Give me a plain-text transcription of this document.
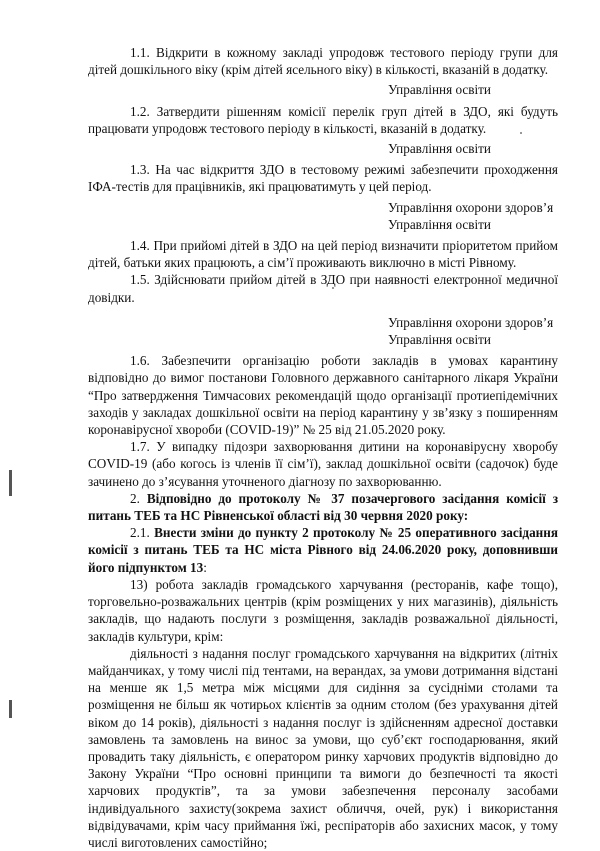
1.1. Відкрити в кожному закладі упродовж тестового періоду групи для дітей дошкільного віку (крім дітей ясельного віку) в кількості, вказаній в додатку.

Управління освіти

1.2. Затвердити рішенням комісії перелік груп дітей в ЗДО, які будуть працювати упродовж тестового періоду в кількості, вказаній в додатку.

Управління освіти

1.3. На час відкриття ЗДО в тестовому режимі забезпечити проходження ІФА-тестів для працівників, які працюватимуть у цей період.

Управління охорони здоров’я
Управління освіти

1.4. При прийомі дітей в ЗДО на цей період визначити пріоритетом прийом дітей, батьки яких працюють, а сім’ї проживають виключно в місті Рівному.

1.5. Здійснювати прийом дітей в ЗДО при наявності електронної медичної довідки.

Управління охорони здоров’я
Управління освіти

1.6. Забезпечити організацію роботи закладів в умовах карантину відповідно до вимог постанови Головного державного санітарного лікаря України “Про затвердження Тимчасових рекомендацій щодо організації протиепідемічних заходів у закладах дошкільної освіти на період карантину у зв’язку з поширенням коронавірусної хвороби (COVID-19)” № 25 від 21.05.2020 року.

1.7. У випадку підозри захворювання дитини на коронавірусну хворобу COVID-19 (або когось із членів її сім’ї), заклад дошкільної освіти (садочок) буде зачинено до з’ясування уточненого діагнозу по захворюванню.

2. Відповідно до протоколу № 37 позачергового засідання комісії з питань ТЕБ та НС Рівненської області від 30 червня 2020 року:

2.1. Внести зміни до пункту 2 протоколу № 25 оперативного засідання комісії з питань ТЕБ та НС міста Рівного від 24.06.2020 року, доповнивши його підпунктом 13:

13) робота закладів громадського харчування (ресторанів, кафе тощо), торговельно-розважальних центрів (крім розміщених у них магазинів), діяльність закладів, що надають послуги з розміщення, закладів розважальної діяльності, закладів культури, крім:

діяльності з надання послуг громадського харчування на відкритих (літніх майданчиках, у тому числі під тентами, на верандах, за умови дотримання відстані на менше як 1,5 метра між місцями для сидіння за сусідніми столами та розміщення не більш як чотирьох клієнтів за одним столом (без урахування дітей віком до 14 років), діяльності з надання послуг із здійсненням адресної доставки замовлень та замовлень на винос за умови, що суб’єкт господарювання, який провадить таку діяльність, є оператором ринку харчових продуктів відповідно до Закону України “Про основні принципи та вимоги до безпечності та якості харчових продуктів”, та за умови забезпечення персоналу засобами індивідуального захисту(зокрема захист обличчя, очей, рук) і використання відвідувачами, крім часу приймання їжі, респіраторів або захисних масок, у тому числі виготовлених самостійно;
